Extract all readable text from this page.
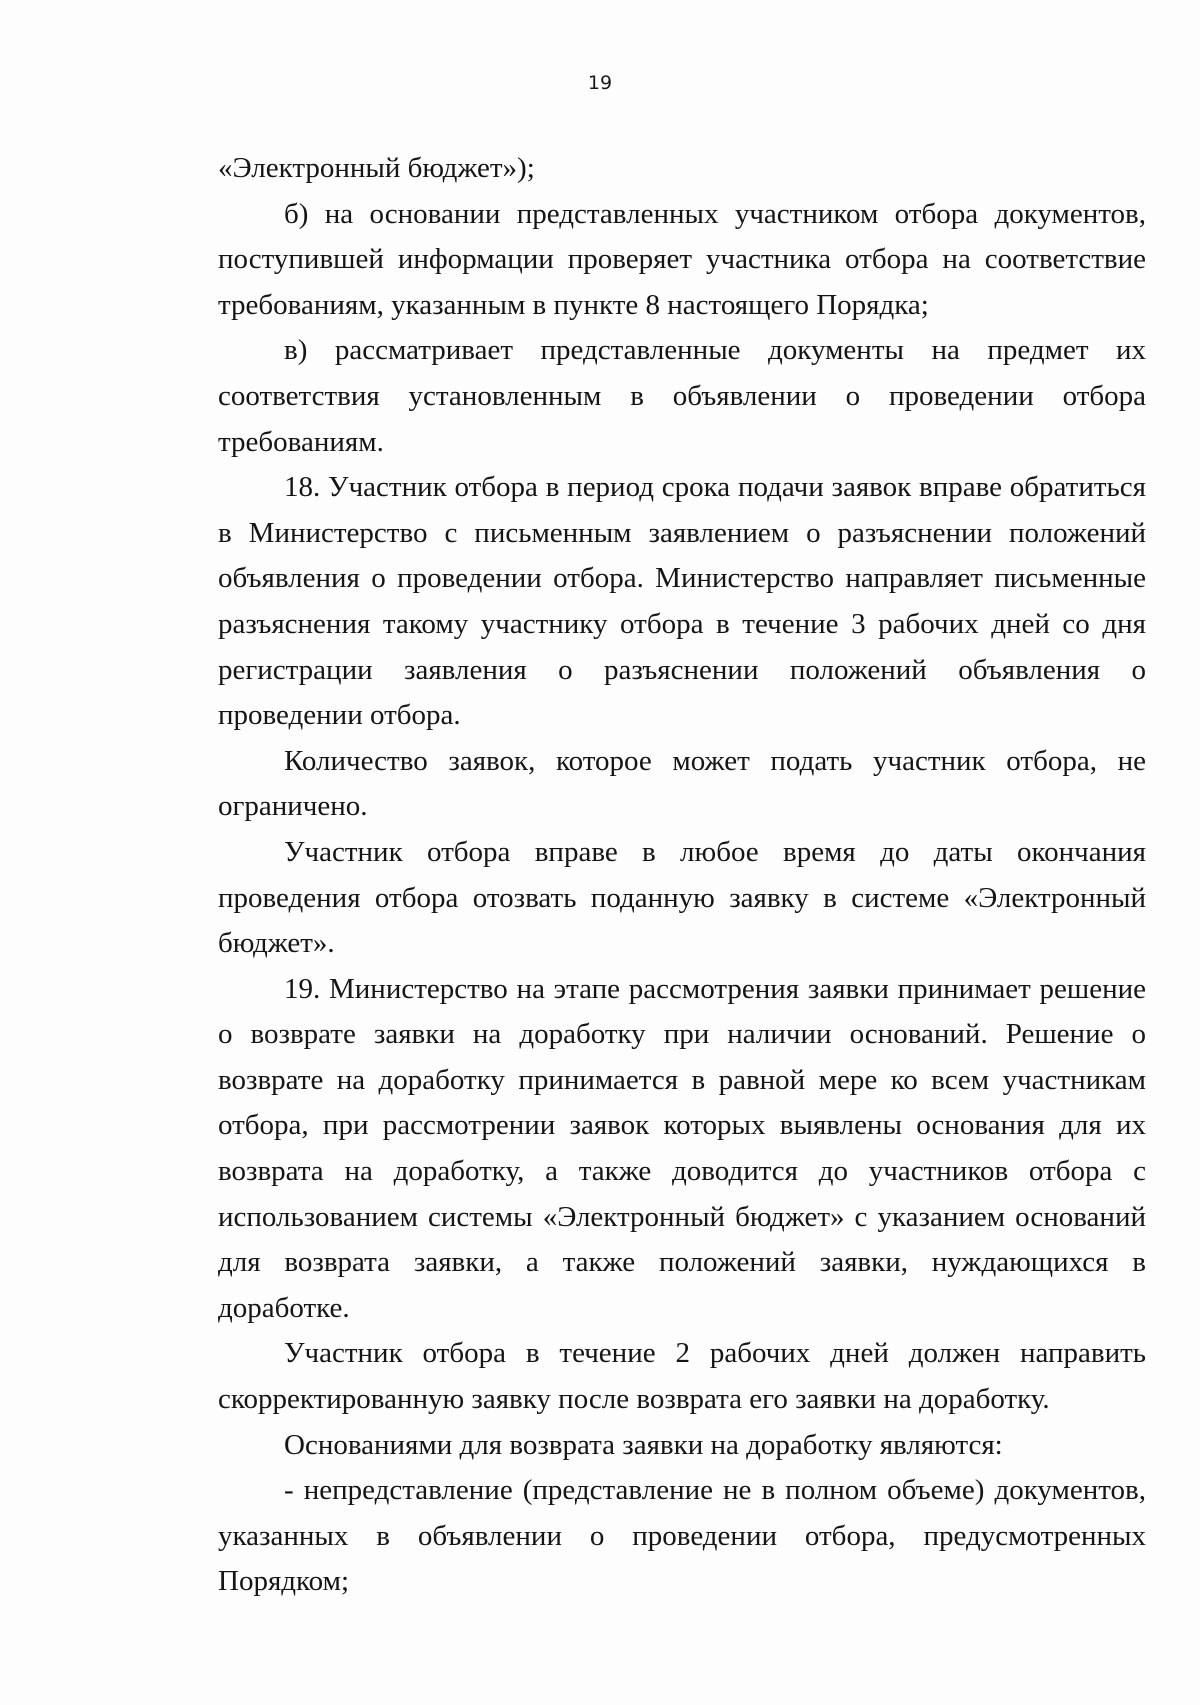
19

«Электронный бюджет»);

б) на основании представленных участником отбора документов, поступившей информации проверяет участника отбора на соответствие требованиям, указанным в пункте 8 настоящего Порядка;

в) рассматривает представленные документы на предмет их соответствия установленным в объявлении о проведении отбора требованиям.

18. Участник отбора в период срока подачи заявок вправе обратиться в Министерство с письменным заявлением о разъяснении положений объявления о проведении отбора. Министерство направляет письменные разъяснения такому участнику отбора в течение 3 рабочих дней со дня регистрации заявления о разъяснении положений объявления о проведении отбора.

Количество заявок, которое может подать участник отбора, не ограничено.

Участник отбора вправе в любое время до даты окончания проведения отбора отозвать поданную заявку в системе «Электронный бюджет».

19. Министерство на этапе рассмотрения заявки принимает решение о возврате заявки на доработку при наличии оснований. Решение о возврате на доработку принимается в равной мере ко всем участникам отбора, при рассмотрении заявок которых выявлены основания для их возврата на доработку, а также доводится до участников отбора с использованием системы «Электронный бюджет» с указанием оснований для возврата заявки, а также положений заявки, нуждающихся в доработке.

Участник отбора в течение 2 рабочих дней должен направить скорректированную заявку после возврата его заявки на доработку.

Основаниями для возврата заявки на доработку являются:

- непредставление (представление не в полном объеме) документов, указанных в объявлении о проведении отбора, предусмотренных Порядком;
